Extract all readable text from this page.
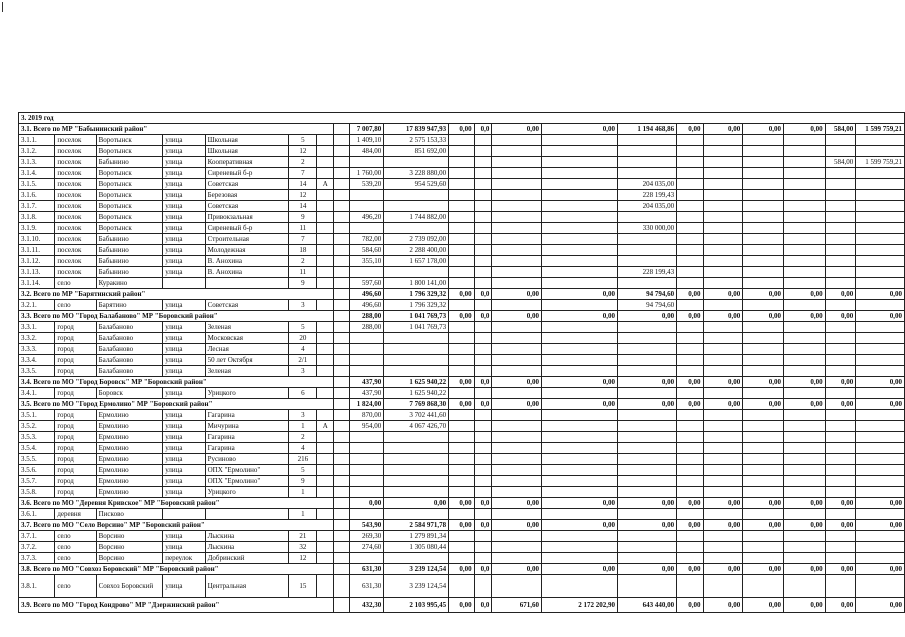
3. 2019 год																				
3.1. Всего по МР "Бабынинский район"								7 007,80	17 839 947,93	0,00	0,0	0,00	0,00	1 194 468,86	0,00	0,00	0,00	0,00	584,00	1 599 759,21
3.1.1.	поселок	Воротынск	улица	Школьная	5			1 409,10	2 575 153,33											
3.1.2.	поселок	Воротынск	улица	Школьная	12			484,00	851 692,00											
3.1.3.	поселок	Бабынино	улица	Кооперативная	2														584,00	1 599 759,21
3.1.4.	поселок	Воротынск	улица	Сиреневый б-р	7			1 760,00	3 228 880,00											
3.1.5.	поселок	Воротынск	улица	Советская	14	А		539,20	954 529,60					204 035,00						
3.1.6.	поселок	Воротынск	улица	Березовая	12									228 199,43						
3.1.7.	поселок	Воротынск	улица	Советская	14									204 035,00						
3.1.8.	поселок	Воротынск	улица	Привокзальная	9			496,20	1 744 882,00											
3.1.9.	поселок	Воротынск	улица	Сиреневый б-р	11									330 000,00						
3.1.10.	поселок	Бабынино	улица	Строительная	7			782,00	2 739 092,00											
3.1.11.	поселок	Бабынино	улица	Молодежная	18			584,60	2 288 400,00											
3.1.12.	поселок	Бабынино	улица	В. Анохина	2			355,10	1 657 178,00											
3.1.13.	поселок	Бабынино	улица	В. Анохина	11									228 199,43						
3.1.14.	село	Куракино			9			597,60	1 800 141,00											
3.2. Всего по МР "Барятинский район"								496,60	1 796 329,32	0,00	0,0	0,00	0,00	94 794,60	0,00	0,00	0,00	0,00	0,00	0,00
3.2.1.	село	Барятино	улица	Советская	3			496,60	1 796 329,32					94 794,60						
3.3. Всего по МО "Город Балабаново" МР "Боровский район"								288,00	1 041 769,73	0,00	0,0	0,00	0,00	0,00	0,00	0,00	0,00	0,00	0,00	0,00
3.3.1.	город	Балабаново	улица	Зеленая	5			288,00	1 041 769,73											
3.3.2.	город	Балабаново	улица	Московская	20															
3.3.3.	город	Балабаново	улица	Лесная	4															
3.3.4.	город	Балабаново	улица	50 лет Октября	2/1															
3.3.5.	город	Балабаново	улица	Зеленая	3															
3.4. Всего по МО "Город Боровск" МР "Боровский район"								437,90	1 625 940,22	0,00	0,0	0,00	0,00	0,00	0,00	0,00	0,00	0,00	0,00	0,00
3.4.1.	город	Боровск	улица	Урицкого	6			437,90	1 625 940,22											
3.5. Всего по МО "Город Ермолино" МР "Боровский район"								1 824,00	7 769 868,30	0,00	0,0	0,00	0,00	0,00	0,00	0,00	0,00	0,00	0,00	0,00
3.5.1.	город	Ермолино	улица	Гагарина	3			870,00	3 702 441,60											
3.5.2.	город	Ермолино	улица	Мичурина	1	А		954,00	4 067 426,70											
3.5.3.	город	Ермолино	улица	Гагарина	2															
3.5.4.	город	Ермолино	улица	Гагарина	4															
3.5.5.	город	Ермолино	улица	Русиново	216															
3.5.6.	город	Ермолино	улица	ОПХ "Ермолино"	5															
3.5.7.	город	Ермолино	улица	ОПХ "Ермолино"	9															
3.5.8.	город	Ермолино	улица	Урицкого	1															
3.6. Всего по МО "Деревня Кривское" МР "Боровский район"								0,00	0,00	0,00	0,0	0,00	0,00	0,00	0,00	0,00	0,00	0,00	0,00	0,00
3.6.1.	деревня	Писково			1															
3.7. Всего по МО "Село Ворсино" МР "Боровский район"								543,90	2 584 971,78	0,00	0,0	0,00	0,00	0,00	0,00	0,00	0,00	0,00	0,00	0,00
3.7.1.	село	Ворсино	улица	Лыскина	21			269,30	1 279 891,34											
3.7.2.	село	Ворсино	улица	Лыскина	32			274,60	1 305 080,44											
3.7.3.	село	Ворсино	переулок	Добринский	12															
3.8. Всего по МО "Совхоз Боровский" МР "Боровский район"								631,30	3 239 124,54	0,00	0,0	0,00	0,00	0,00	0,00	0,00	0,00	0,00	0,00	0,00
3.8.1.	село	Совхоз Боровский	улица	Центральная	15			631,30	3 239 124,54											
3.9. Всего по МО "Город Кондрово" МР "Дзержинский район"								432,30	2 103 995,45	0,00	0,0	671,60	2 172 202,90	643 440,00	0,00	0,00	0,00	0,00	0,00	0,00
